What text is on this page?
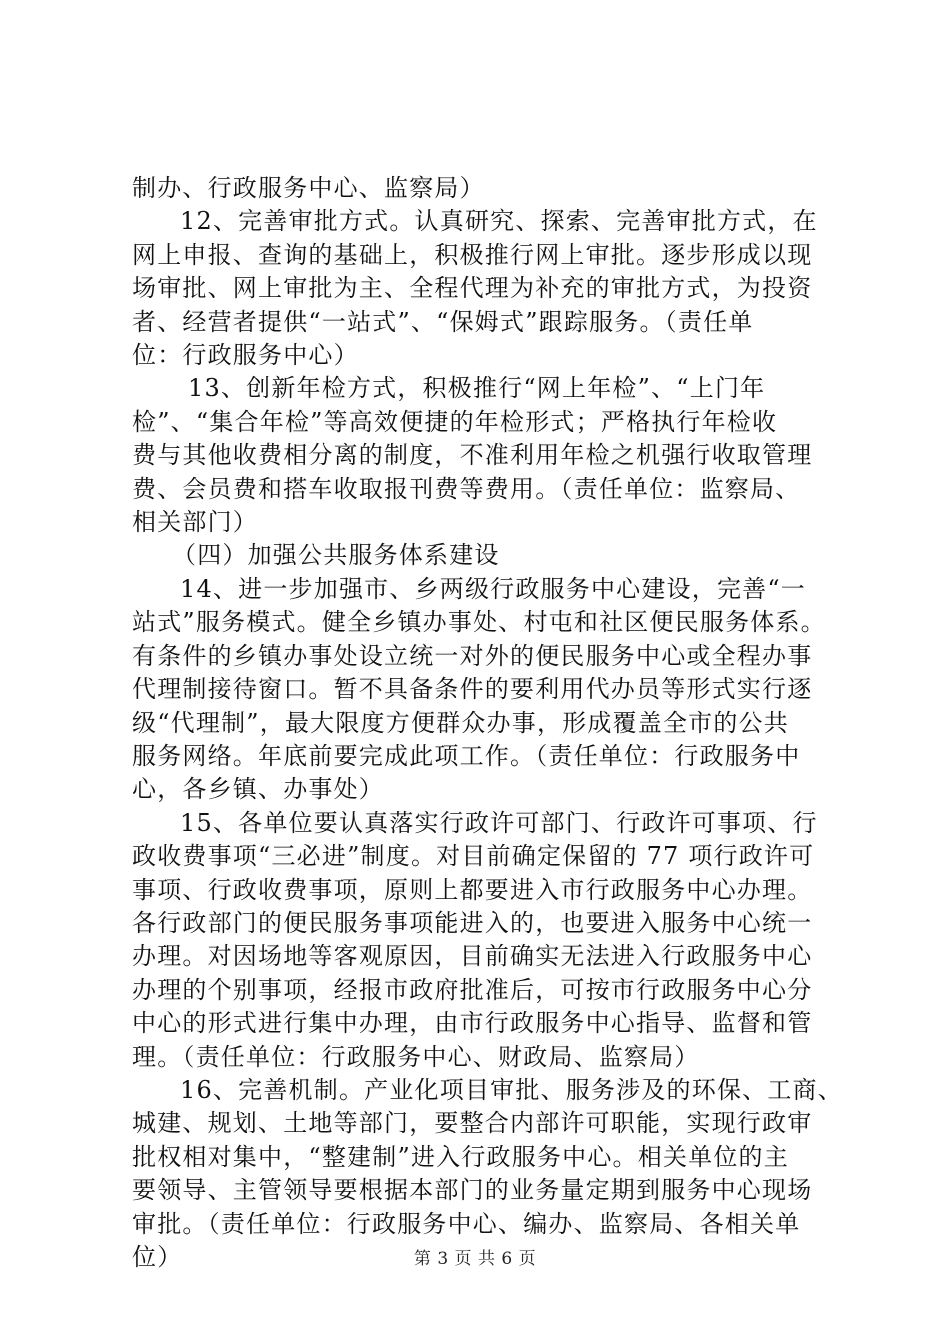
制办、行政服务中心、监察局）
12、完善审批方式。认真研究、探索、完善审批方式，在
网上申报、查询的基础上，积极推行网上审批。逐步形成以现
场审批、网上审批为主、全程代理为补充的审批方式，为投资
者、经营者提供“一站式”、“保姆式”跟踪服务。（责任单
位：行政服务中心）
13、创新年检方式，积极推行“网上年检”、“上门年
检”、“集合年检”等高效便捷的年检形式；严格执行年检收
费与其他收费相分离的制度，不准利用年检之机强行收取管理
费、会员费和搭车收取报刊费等费用。（责任单位：监察局、
相关部门）
（四）加强公共服务体系建设
14、进一步加强市、乡两级行政服务中心建设，完善“一
站式”服务模式。健全乡镇办事处、村屯和社区便民服务体系。
有条件的乡镇办事处设立统一对外的便民服务中心或全程办事
代理制接待窗口。暂不具备条件的要利用代办员等形式实行逐
级“代理制”，最大限度方便群众办事，形成覆盖全市的公共
服务网络。年底前要完成此项工作。（责任单位：行政服务中
心，各乡镇、办事处）
15、各单位要认真落实行政许可部门、行政许可事项、行
政收费事项“三必进”制度。对目前确定保留的 77 项行政许可
事项、行政收费事项，原则上都要进入市行政服务中心办理。
各行政部门的便民服务事项能进入的，也要进入服务中心统一
办理。对因场地等客观原因，目前确实无法进入行政服务中心
办理的个别事项，经报市政府批准后，可按市行政服务中心分
中心的形式进行集中办理，由市行政服务中心指导、监督和管
理。（责任单位：行政服务中心、财政局、监察局）
16、完善机制。产业化项目审批、服务涉及的环保、工商、
城建、规划、土地等部门，要整合内部许可职能，实现行政审
批权相对集中，“整建制”进入行政服务中心。相关单位的主
要领导、主管领导要根据本部门的业务量定期到服务中心现场
审批。（责任单位：行政服务中心、编办、监察局、各相关单
位）	第 3 页 共 6 页
